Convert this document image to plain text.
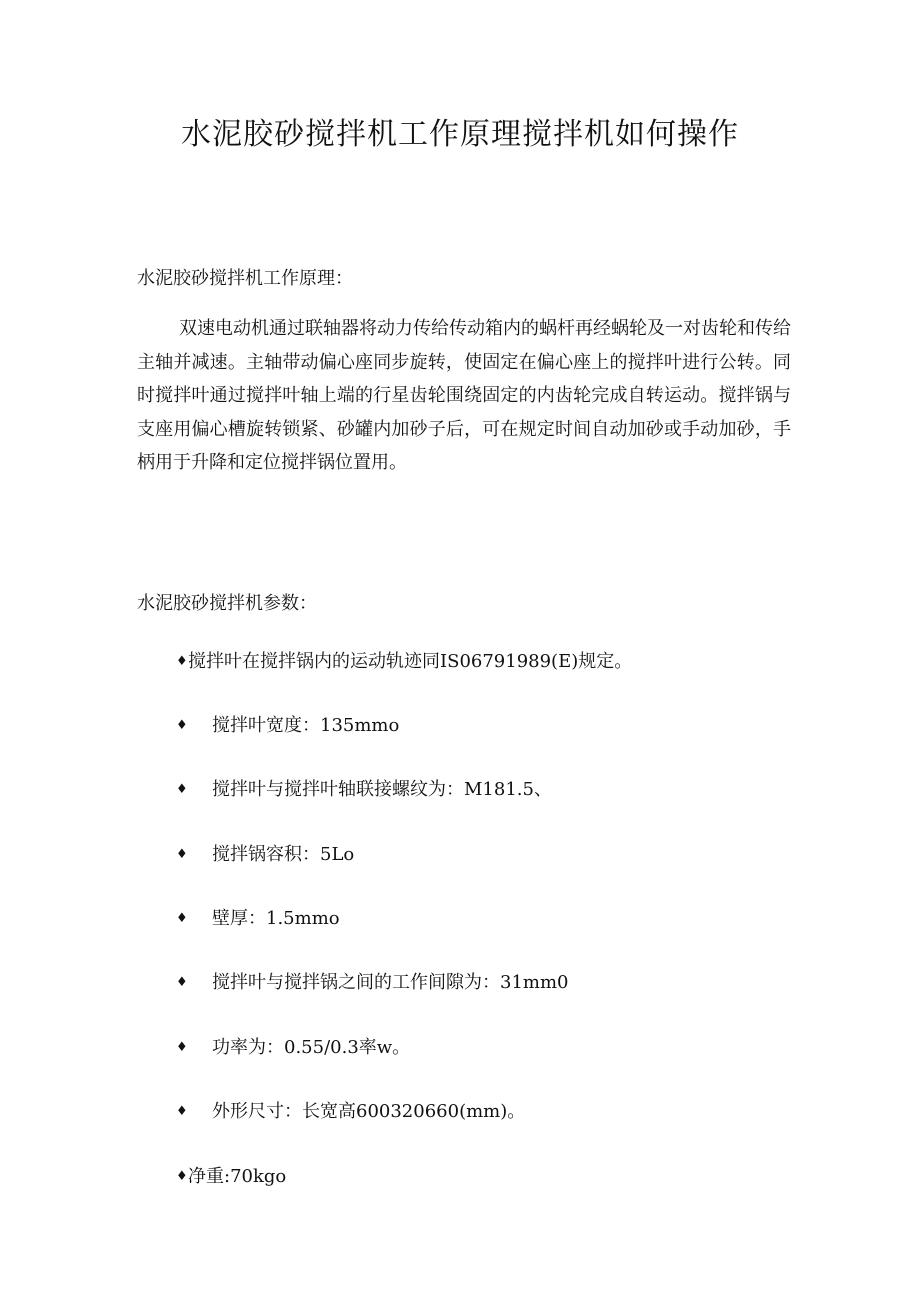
水泥胶砂搅拌机工作原理搅拌机如何操作
水泥胶砂搅拌机工作原理：

双速电动机通过联轴器将动力传给传动箱内的蜗杆再经蜗轮及一对齿轮和传给主轴并减速。主轴带动偏心座同步旋转，使固定在偏心座上的搅拌叶进行公转。同时搅拌叶通过搅拌叶轴上端的行星齿轮围绕固定的内齿轮完成自转运动。搅拌锅与支座用偏心槽旋转锁紧、砂罐内加砂子后，可在规定时间自动加砂或手动加砂，手柄用于升降和定位搅拌锅位置用。

水泥胶砂搅拌机参数：
♦ 搅拌叶在搅拌锅内的运动轨迹同IS06791989(E)规定。
♦	搅拌叶宽度：135mmo
♦	搅拌叶与搅拌叶轴联接螺纹为：M181.5、
♦	搅拌锅容积：5Lo
♦	壁厚：1.5mmo
♦	搅拌叶与搅拌锅之间的工作间隙为：31mm0
♦	功率为：0.55/0.3率w。
♦	外形尺寸：长宽高600320660(mm)。
♦ 净重:70kgo
